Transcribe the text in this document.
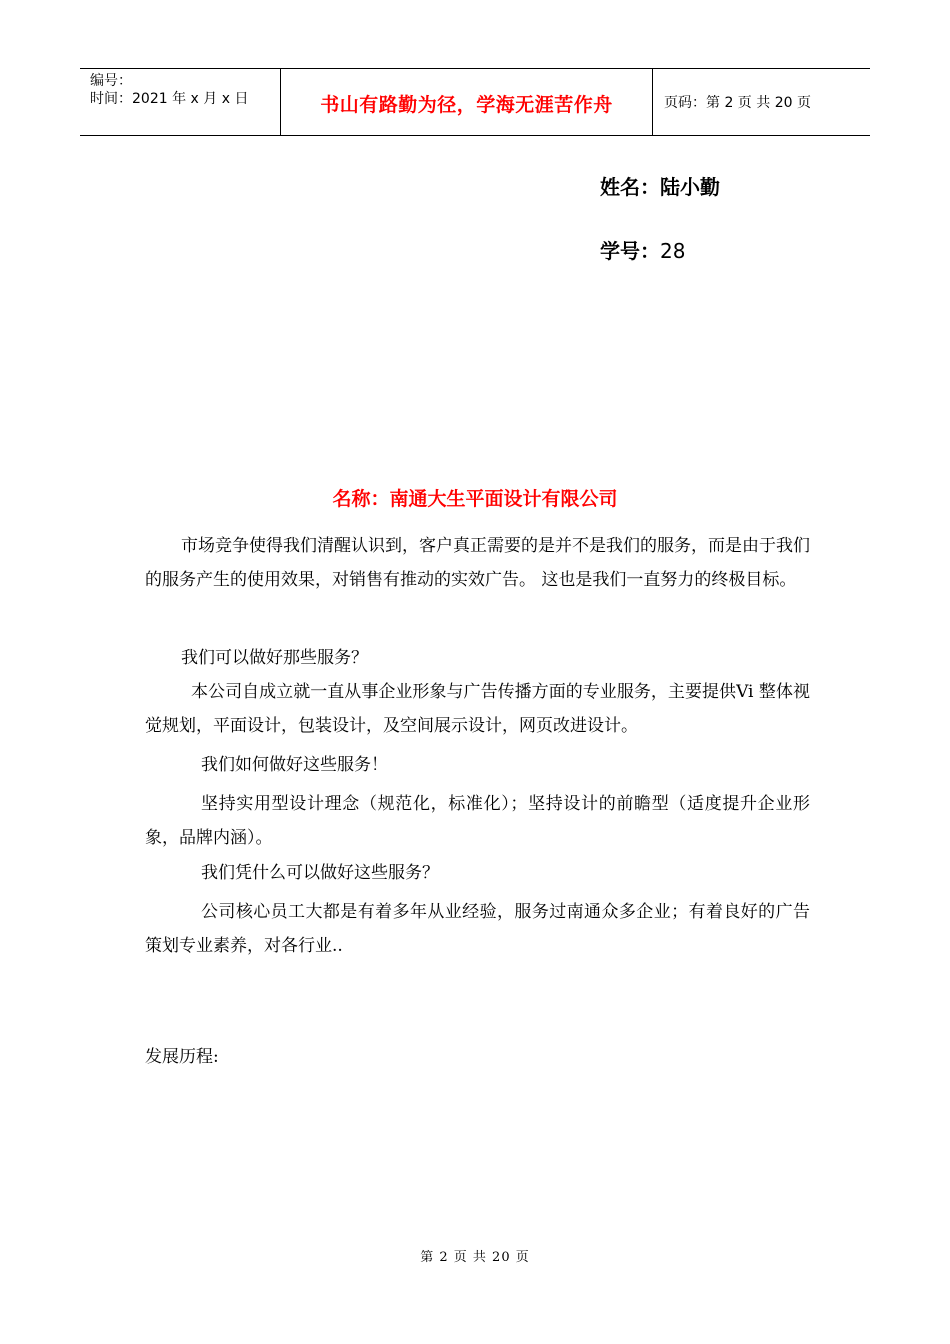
编号：
时间：2021 年 x 月 x 日	书山有路勤为径，学海无涯苦作舟	页码：第 2 页 共 20 页
姓名：陆小勤
学号：28
名称：南通大生平面设计有限公司

市场竞争使得我们清醒认识到，客户真正需要的是并不是我们的服务，而是由于我们的服务产生的使用效果，对销售有推动的实效广告。 这也是我们一直努力的终极目标。

我们可以做好那些服务？

本公司自成立就一直从事企业形象与广告传播方面的专业服务，主要提供Vi 整体视觉规划，平面设计，包装设计，及空间展示设计，网页改进设计。

我们如何做好这些服务！

坚持实用型设计理念（规范化，标准化）；坚持设计的前瞻型（适度提升企业形象，品牌内涵）。

我们凭什么可以做好这些服务？

公司核心员工大都是有着多年从业经验，服务过南通众多企业；有着良好的广告策划专业素养，对各行业..

发展历程:
第 2 页 共 20 页
